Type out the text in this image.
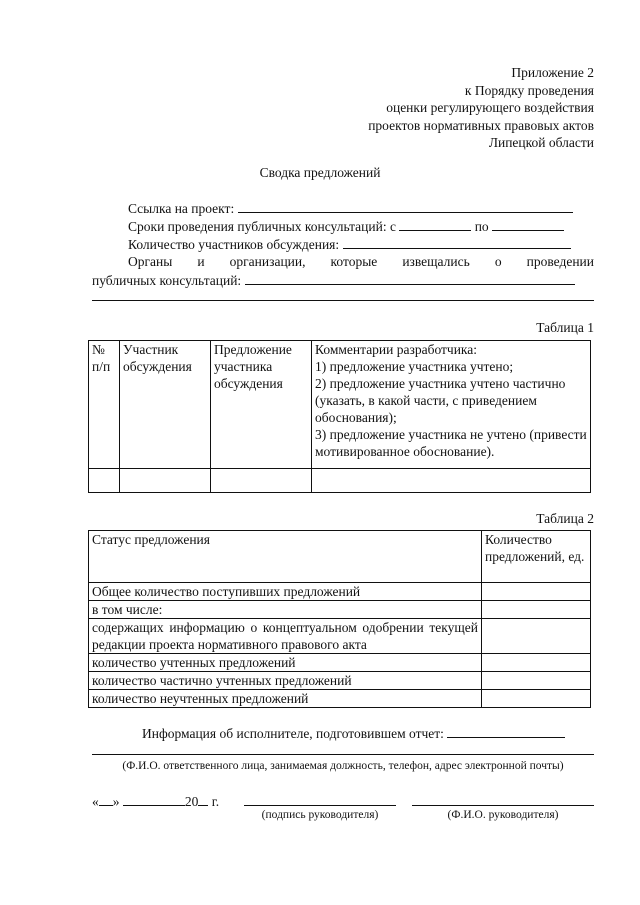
Приложение 2
к Порядку проведения
оценки регулирующего воздействия
проектов нормативных правовых актов
Липецкой области
Сводка предложений
Ссылка на проект:
Сроки проведения публичных консультаций: с	по
Количество участников обсуждения:
Органы и организации, которые извещались о проведении
публичных консультаций:
Таблица 1
№ п/п	Участник обсуждения	Предложение участника обсуждения	Комментарии разработчика:
1) предложение участника учтено;
2) предложение участника учтено частично (указать, в какой части, с приведением обоснования);
3) предложение участника не учтено (привести мотивированное обоснование).

Таблица 2
Статус предложения	Количество предложений, ед.
Общее количество поступивших предложений	
в том числе:	
содержащих информацию о концептуальном одобрении текущей редакции проекта нормативного правового акта	
количество учтенных предложений	
количество частично учтенных предложений	
количество неучтенных предложений	
Информация об исполнителе, подготовившем отчет:
(Ф.И.О. ответственного лица, занимаемая должность, телефон, адрес электронной почты)
« »	20 г.
(подпись руководителя)	(Ф.И.О. руководителя)
